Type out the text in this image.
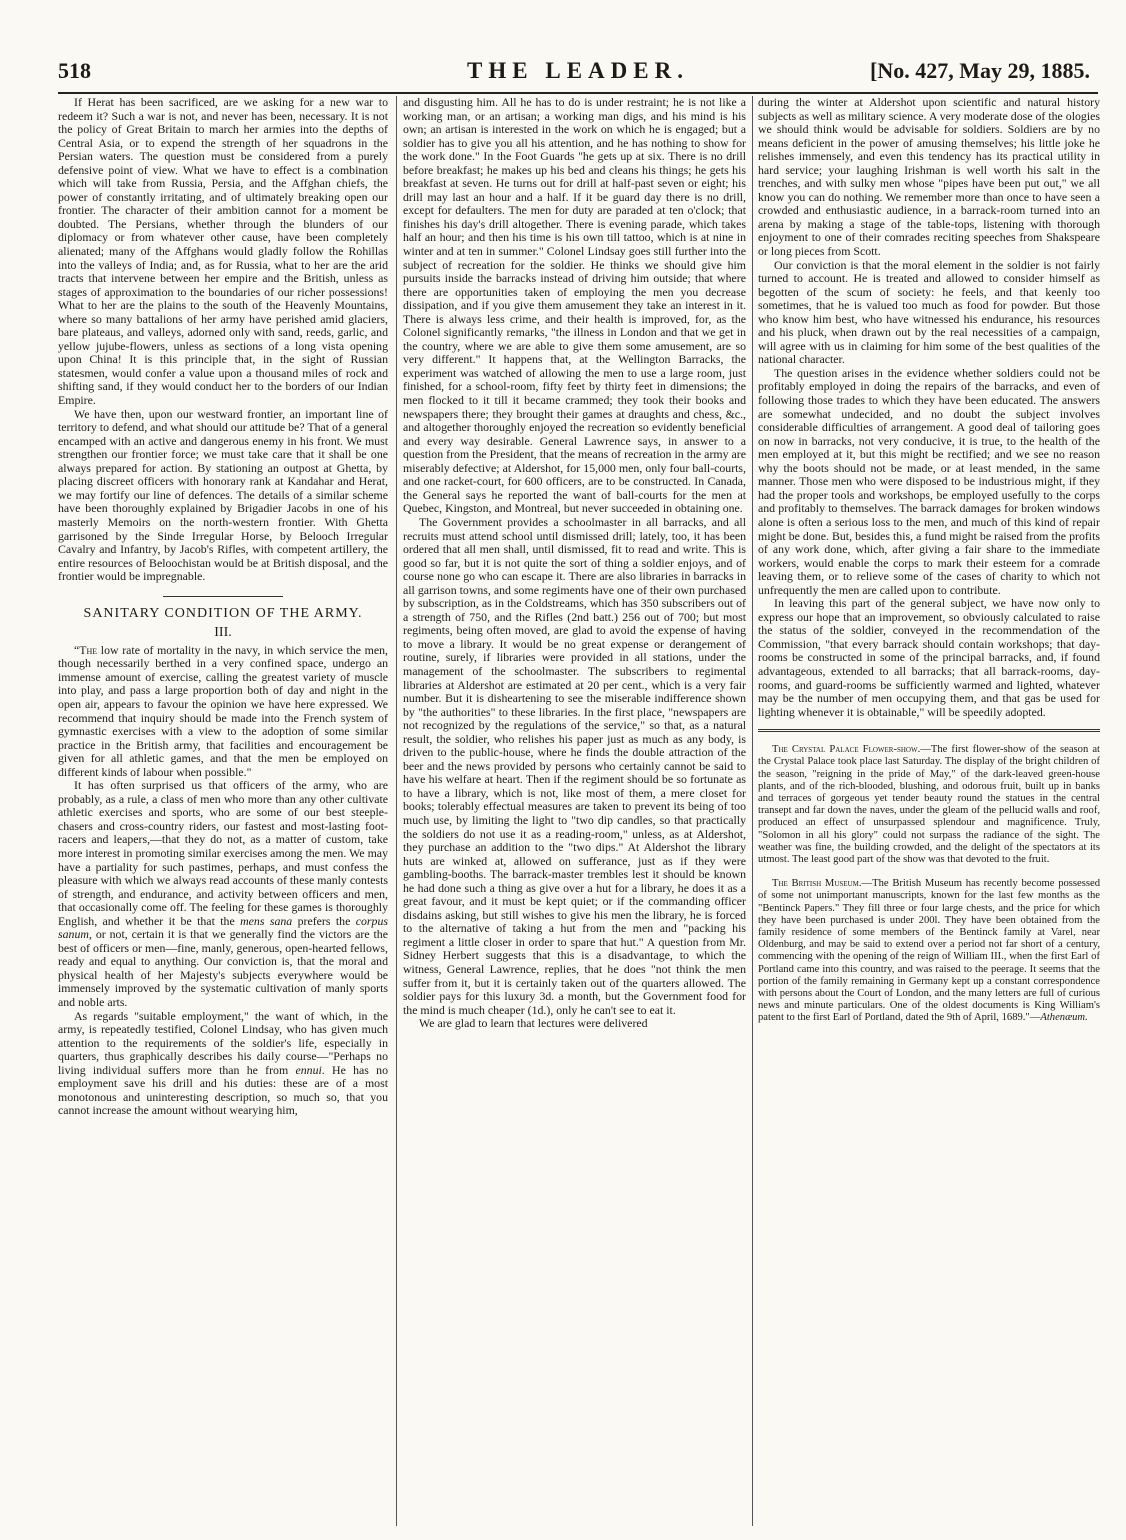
518	THE LEADER.	[No. 427, May 29, 1885.

If Herat has been sacrificed, are we asking for a new war to redeem it? Such a war is not, and never has been, necessary. It is not the policy of Great Britain to march her armies into the depths of Central Asia, or to expend the strength of her squadrons in the Persian waters. The question must be considered from a purely defensive point of view. What we have to effect is a combination which will take from Russia, Persia, and the Affghan chiefs, the power of constantly irritating, and of ultimately breaking open our frontier. The character of their ambition cannot for a moment be doubted. The Persians, whether through the blunders of our diplomacy or from whatever other cause, have been completely alienated; many of the Affghans would gladly follow the Rohillas into the valleys of India; and, as for Russia, what to her are the arid tracts that intervene between her empire and the British, unless as stages of approximation to the boundaries of our richer possessions! What to her are the plains to the south of the Heavenly Mountains, where so many battalions of her army have perished amid glaciers, bare plateaus, and valleys, adorned only with sand, reeds, garlic, and yellow jujube-flowers, unless as sections of a long vista opening upon China! It is this principle that, in the sight of Russian statesmen, would confer a value upon a thousand miles of rock and shifting sand, if they would conduct her to the borders of our Indian Empire.

We have then, upon our westward frontier, an important line of territory to defend, and what should our attitude be? That of a general encamped with an active and dangerous enemy in his front. We must strengthen our frontier force; we must take care that it shall be one always prepared for action. By stationing an outpost at Ghetta, by placing discreet officers with honorary rank at Kandahar and Herat, we may fortify our line of defences. The details of a similar scheme have been thoroughly explained by Brigadier Jacobs in one of his masterly Memoirs on the north-western frontier. With Ghetta garrisoned by the Sinde Irregular Horse, by Belooch Irregular Cavalry and Infantry, by Jacob's Rifles, with competent artillery, the entire resources of Beloochistan would be at British disposal, and the frontier would be impregnable.

SANITARY CONDITION OF THE ARMY.
III.

“The low rate of mortality in the navy, in which service the men, though necessarily berthed in a very confined space, undergo an immense amount of exercise, calling the greatest variety of muscle into play, and pass a large proportion both of day and night in the open air, appears to favour the opinion we have here expressed. We recommend that inquiry should be made into the French system of gymnastic exercises with a view to the adoption of some similar practice in the British army, that facilities and encouragement be given for all athletic games, and that the men be employed on different kinds of labour when possible."

It has often surprised us that officers of the army, who are probably, as a rule, a class of men who more than any other cultivate athletic exercises and sports, who are some of our best steeple-chasers and cross-country riders, our fastest and most-lasting foot-racers and leapers,—that they do not, as a matter of custom, take more interest in promoting similar exercises among the men. We may have a partiality for such pastimes, perhaps, and must confess the pleasure with which we always read accounts of these manly contests of strength, and endurance, and activity between officers and men, that occasionally come off. The feeling for these games is thoroughly English, and whether it be that the mens sana prefers the corpus sanum, or not, certain it is that we generally find the victors are the best of officers or men—fine, manly, generous, open-hearted fellows, ready and equal to anything. Our conviction is, that the moral and physical health of her Majesty's subjects everywhere would be immensely improved by the systematic cultivation of manly sports and noble arts.

As regards "suitable employment," the want of which, in the army, is repeatedly testified, Colonel Lindsay, who has given much attention to the requirements of the soldier's life, especially in quarters, thus graphically describes his daily course—"Perhaps no living individual suffers more than he from ennui. He has no employment save his drill and his duties: these are of a most monotonous and uninteresting description, so much so, that you cannot increase the amount without wearying him,

and disgusting him. All he has to do is under restraint; he is not like a working man, or an artisan; a working man digs, and his mind is his own; an artisan is interested in the work on which he is engaged; but a soldier has to give you all his attention, and he has nothing to show for the work done." In the Foot Guards "he gets up at six. There is no drill before breakfast; he makes up his bed and cleans his things; he gets his breakfast at seven. He turns out for drill at half-past seven or eight; his drill may last an hour and a half. If it be guard day there is no drill, except for defaulters. The men for duty are paraded at ten o'clock; that finishes his day's drill altogether. There is evening parade, which takes half an hour; and then his time is his own till tattoo, which is at nine in winter and at ten in summer." Colonel Lindsay goes still further into the subject of recreation for the soldier. He thinks we should give him pursuits inside the barracks instead of driving him outside; that where there are opportunities taken of employing the men you decrease dissipation, and if you give them amusement they take an interest in it. There is always less crime, and their health is improved, for, as the Colonel significantly remarks, "the illness in London and that we get in the country, where we are able to give them some amusement, are so very different." It happens that, at the Wellington Barracks, the experiment was watched of allowing the men to use a large room, just finished, for a school-room, fifty feet by thirty feet in dimensions; the men flocked to it till it became crammed; they took their books and newspapers there; they brought their games at draughts and chess, &c., and altogether thoroughly enjoyed the recreation so evidently beneficial and every way desirable. General Lawrence says, in answer to a question from the President, that the means of recreation in the army are miserably defective; at Aldershot, for 15,000 men, only four ball-courts, and one racket-court, for 600 officers, are to be constructed. In Canada, the General says he reported the want of ball-courts for the men at Quebec, Kingston, and Montreal, but never succeeded in obtaining one.

The Government provides a schoolmaster in all barracks, and all recruits must attend school until dismissed drill; lately, too, it has been ordered that all men shall, until dismissed, fit to read and write. This is good so far, but it is not quite the sort of thing a soldier enjoys, and of course none go who can escape it. There are also libraries in barracks in all garrison towns, and some regiments have one of their own purchased by subscription, as in the Coldstreams, which has 350 subscribers out of a strength of 750, and the Rifles (2nd batt.) 256 out of 700; but most regiments, being often moved, are glad to avoid the expense of having to move a library. It would be no great expense or derangement of routine, surely, if libraries were provided in all stations, under the management of the schoolmaster. The subscribers to regimental libraries at Aldershot are estimated at 20 per cent., which is a very fair number. But it is disheartening to see the miserable indifference shown by "the authorities" to these libraries. In the first place, "newspapers are not recognized by the regulations of the service," so that, as a natural result, the soldier, who relishes his paper just as much as any body, is driven to the public-house, where he finds the double attraction of the beer and the news provided by persons who certainly cannot be said to have his welfare at heart. Then if the regiment should be so fortunate as to have a library, which is not, like most of them, a mere closet for books; tolerably effectual measures are taken to prevent its being of too much use, by limiting the light to "two dip candles, so that practically the soldiers do not use it as a reading-room," unless, as at Aldershot, they purchase an addition to the "two dips." At Aldershot the library huts are winked at, allowed on sufferance, just as if they were gambling-booths. The barrack-master trembles lest it should be known he had done such a thing as give over a hut for a library, he does it as a great favour, and it must be kept quiet; or if the commanding officer disdains asking, but still wishes to give his men the library, he is forced to the alternative of taking a hut from the men and "packing his regiment a little closer in order to spare that hut." A question from Mr. Sidney Herbert suggests that this is a disadvantage, to which the witness, General Lawrence, replies, that he does "not think the men suffer from it, but it is certainly taken out of the quarters allowed. The soldier pays for this luxury 3d. a month, but the Government food for the mind is much cheaper (1d.), only he can't see to eat it.

We are glad to learn that lectures were delivered

during the winter at Aldershot upon scientific and natural history subjects as well as military science. A very moderate dose of the ologies we should think would be advisable for soldiers. Soldiers are by no means deficient in the power of amusing themselves; his little joke he relishes immensely, and even this tendency has its practical utility in hard service; your laughing Irishman is well worth his salt in the trenches, and with sulky men whose "pipes have been put out," we all know you can do nothing. We remember more than once to have seen a crowded and enthusiastic audience, in a barrack-room turned into an arena by making a stage of the table-tops, listening with thorough enjoyment to one of their comrades reciting speeches from Shakspeare or long pieces from Scott.

Our conviction is that the moral element in the soldier is not fairly turned to account. He is treated and allowed to consider himself as begotten of the scum of society: he feels, and that keenly too sometimes, that he is valued too much as food for powder. But those who know him best, who have witnessed his endurance, his resources and his pluck, when drawn out by the real necessities of a campaign, will agree with us in claiming for him some of the best qualities of the national character.

The question arises in the evidence whether soldiers could not be profitably employed in doing the repairs of the barracks, and even of following those trades to which they have been educated. The answers are somewhat undecided, and no doubt the subject involves considerable difficulties of arrangement. A good deal of tailoring goes on now in barracks, not very conducive, it is true, to the health of the men employed at it, but this might be rectified; and we see no reason why the boots should not be made, or at least mended, in the same manner. Those men who were disposed to be industrious might, if they had the proper tools and workshops, be employed usefully to the corps and profitably to themselves. The barrack damages for broken windows alone is often a serious loss to the men, and much of this kind of repair might be done. But, besides this, a fund might be raised from the profits of any work done, which, after giving a fair share to the immediate workers, would enable the corps to mark their esteem for a comrade leaving them, or to relieve some of the cases of charity to which not unfrequently the men are called upon to contribute.

In leaving this part of the general subject, we have now only to express our hope that an improvement, so obviously calculated to raise the status of the soldier, conveyed in the recommendation of the Commission, "that every barrack should contain workshops; that day-rooms be constructed in some of the principal barracks, and, if found advantageous, extended to all barracks; that all barrack-rooms, day-rooms, and guard-rooms be sufficiently warmed and lighted, whatever may be the number of men occupying them, and that gas be used for lighting whenever it is obtainable," will be speedily adopted.

The Crystal Palace Flower-show.—The first flower-show of the season at the Crystal Palace took place last Saturday. The display of the bright children of the season, "reigning in the pride of May," of the dark-leaved green-house plants, and of the rich-blooded, blushing, and odorous fruit, built up in banks and terraces of gorgeous yet tender beauty round the statues in the central transept and far down the naves, under the gleam of the pellucid walls and roof, produced an effect of unsurpassed splendour and magnificence. Truly, "Solomon in all his glory" could not surpass the radiance of the sight. The weather was fine, the building crowded, and the delight of the spectators at its utmost. The least good part of the show was that devoted to the fruit.

The British Museum.—The British Museum has recently become possessed of some not unimportant manuscripts, known for the last few months as the "Bentinck Papers." They fill three or four large chests, and the price for which they have been purchased is under 200l. They have been obtained from the family residence of some members of the Bentinck family at Varel, near Oldenburg, and may be said to extend over a period not far short of a century, commencing with the opening of the reign of William III., when the first Earl of Portland came into this country, and was raised to the peerage. It seems that the portion of the family remaining in Germany kept up a constant correspondence with persons about the Court of London, and the many letters are full of curious news and minute particulars. One of the oldest documents is King William's patent to the first Earl of Portland, dated the 9th of April, 1689."—Athenæum.
